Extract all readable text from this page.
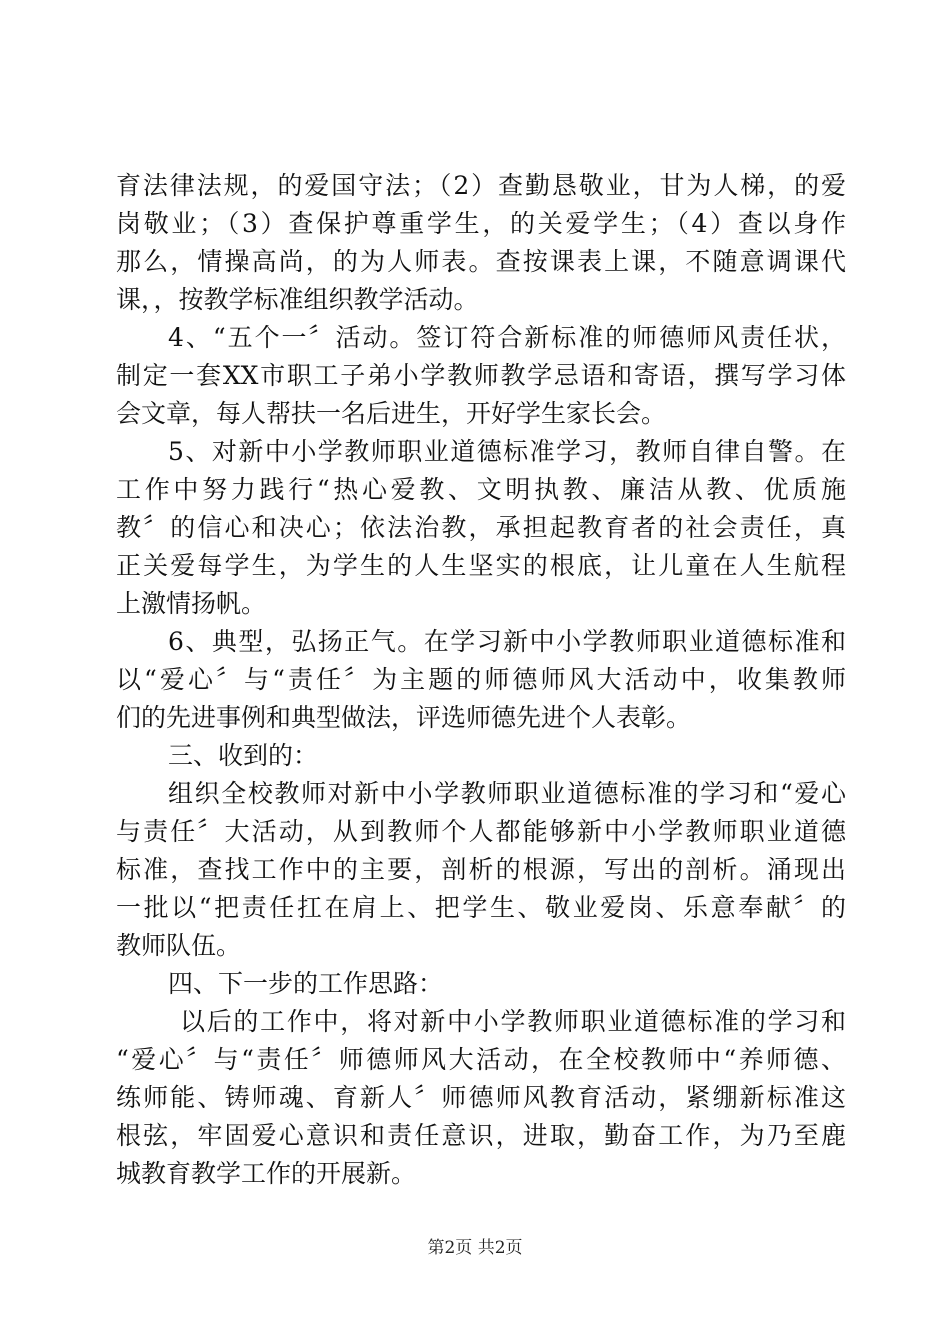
育法律法规，的爱国守法；（2）查勤恳敬业，甘为人梯，的爱
岗敬业；（3）查保护尊重学生，的关爱学生；（4）查以身作
那么，情操高尚，的为人师表。查按课表上课，不随意调课代
课，，按教学标准组织教学活动。
4、“五个一〞活动。签订符合新标准的师德师风责任状，
制定一套XX市职工子弟小学教师教学忌语和寄语，撰写学习体
会文章，每人帮扶一名后进生，开好学生家长会。
5、对新中小学教师职业道德标准学习，教师自律自警。在
工作中努力践行“热心爱教、文明执教、廉洁从教、优质施
教〞的信心和决心；依法治教，承担起教育者的社会责任，真
正关爱每学生，为学生的人生坚实的根底，让儿童在人生航程
上激情扬帆。
6、典型，弘扬正气。在学习新中小学教师职业道德标准和
以“爱心〞与“责任〞为主题的师德师风大活动中，收集教师
们的先进事例和典型做法，评选师德先进个人表彰。
三、收到的：
组织全校教师对新中小学教师职业道德标准的学习和“爱心
与责任〞大活动，从到教师个人都能够新中小学教师职业道德
标准，查找工作中的主要，剖析的根源，写出的剖析。涌现出
一批以“把责任扛在肩上、把学生、敬业爱岗、乐意奉献〞的
教师队伍。
四、下一步的工作思路：
以后的工作中，将对新中小学教师职业道德标准的学习和
“爱心〞与“责任〞师德师风大活动，在全校教师中“养师德、
练师能、铸师魂、育新人〞师德师风教育活动，紧绷新标准这
根弦，牢固爱心意识和责任意识，进取，勤奋工作，为乃至鹿
城教育教学工作的开展新。
第2页 共2页
